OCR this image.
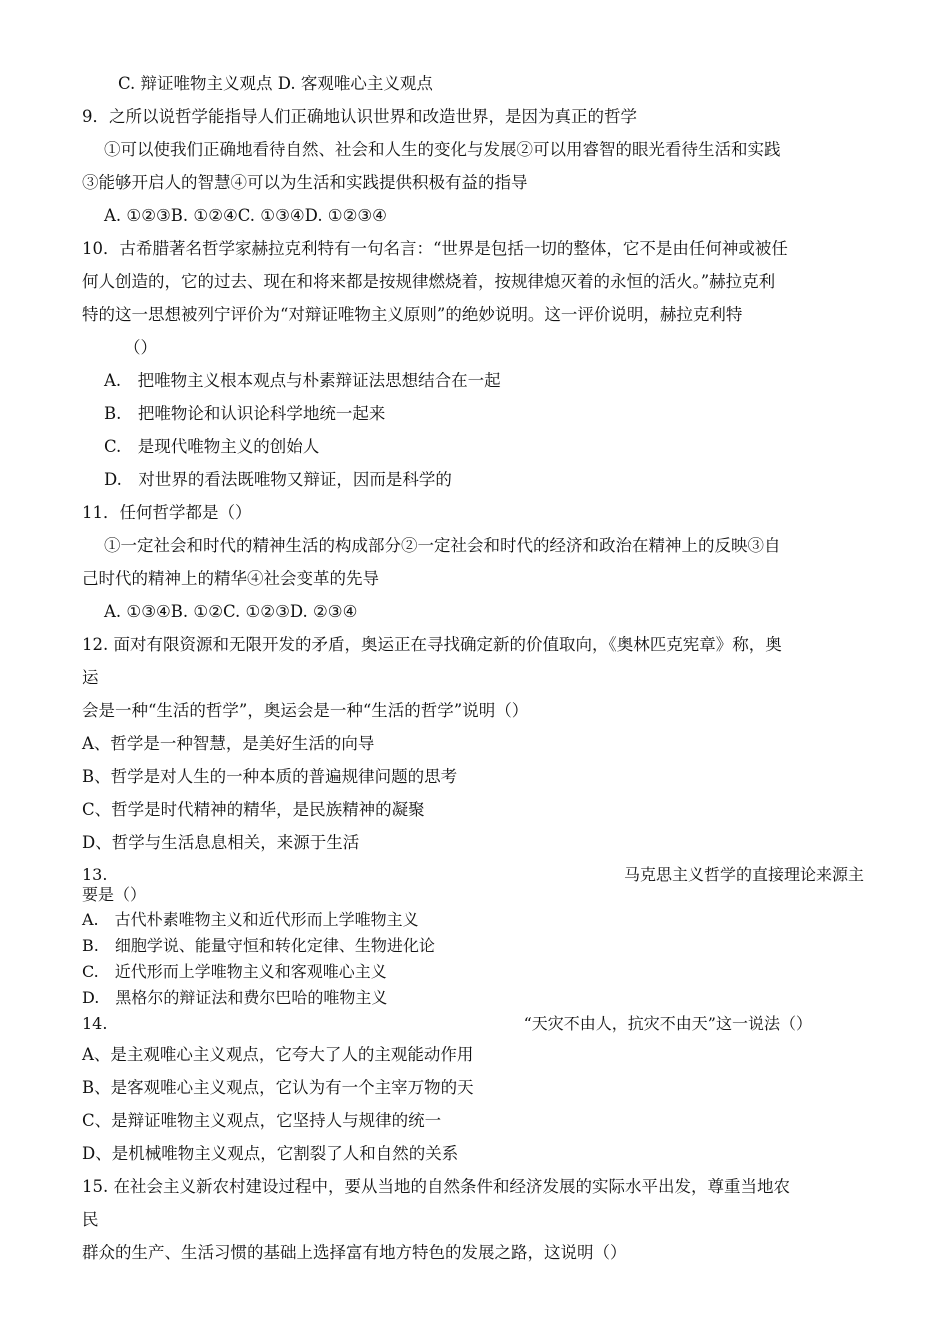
C. 辩证唯物主义观点 D. 客观唯心主义观点
9．之所以说哲学能指导人们正确地认识世界和改造世界，是因为真正的哲学
①可以使我们正确地看待自然、社会和人生的变化与发展②可以用睿智的眼光看待生活和实践
③能够开启人的智慧④可以为生活和实践提供积极有益的指导
A. ①②③B. ①②④C. ①③④D. ①②③④
10．古希腊著名哲学家赫拉克利特有一句名言：“世界是包括一切的整体，它不是由任何神或被任
何人创造的，它的过去、现在和将来都是按规律燃烧着，按规律熄灭着的永恒的活火。”赫拉克利
特的这一思想被列宁评价为“对辩证唯物主义原则”的绝妙说明。这一评价说明，赫拉克利特
（）
A.　把唯物主义根本观点与朴素辩证法思想结合在一起
B.　把唯物论和认识论科学地统一起来
C.　是现代唯物主义的创始人
D.　对世界的看法既唯物又辩证，因而是科学的
11．任何哲学都是（）
①一定社会和时代的精神生活的构成部分②一定社会和时代的经济和政治在精神上的反映③自
己时代的精神上的精华④社会变革的先导
A. ①③④B. ①②C. ①②③D. ②③④
12. 面对有限资源和无限开发的矛盾，奥运正在寻找确定新的价值取向，《奥林匹克宪章》称，奥
运
会是一种“生活的哲学”，奥运会是一种“生活的哲学”说明（）
A、哲学是一种智慧，是美好生活的向导
B、哲学是对人生的一种本质的普遍规律问题的思考
C、哲学是时代精神的精华，是民族精神的凝聚
D、哲学与生活息息相关，来源于生活
13.	马克思主义哲学的直接理论来源主
要是（）
A.　古代朴素唯物主义和近代形而上学唯物主义
B.　细胞学说、能量守恒和转化定律、生物进化论
C.　近代形而上学唯物主义和客观唯心主义
D.　黑格尔的辩证法和费尔巴哈的唯物主义
14.	“天灾不由人，抗灾不由天”这一说法（）
A、是主观唯心主义观点，它夸大了人的主观能动作用
B、是客观唯心主义观点，它认为有一个主宰万物的天
C、是辩证唯物主义观点，它坚持人与规律的统一
D、是机械唯物主义观点，它割裂了人和自然的关系
15. 在社会主义新农村建设过程中，要从当地的自然条件和经济发展的实际水平出发，尊重当地农
民
群众的生产、生活习惯的基础上选择富有地方特色的发展之路，这说明（）
